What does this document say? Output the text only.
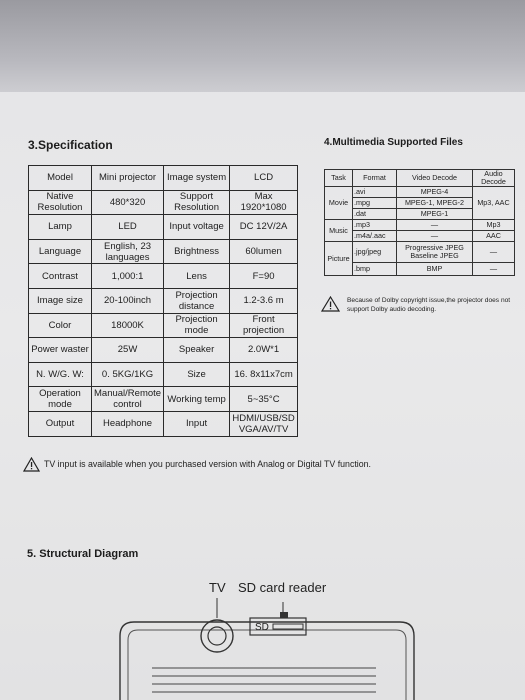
3.Specification
Model	Mini projector	Image system	LCD
Native Resolution	480*320	Support Resolution	Max 1920*1080
Lamp	LED	Input voltage	DC 12V/2A
Language	English, 23 languages	Brightness	60lumen
Contrast	1,000:1	Lens	F=90
Image size	20-100inch	Projection distance	1.2-3.6 m
Color	18000K	Projection mode	Front projection
Power waster	25W	Speaker	2.0W*1
N. W/G. W:	0. 5KG/1KG	Size	16. 8x11x7cm
Operation mode	Manual/Remote control	Working temp	5~35°C
Output	Headphone	Input	HDMI/USB/SD VGA/AV/TV
TV input is available when you purchased version with Analog or Digital TV function.
4.Multimedia Supported Files
Task	Format	Video Decode	Audio Decode
Movie	.avi	MPEG-4	Mp3, AAC
	.mpg	MPEG-1, MPEG-2	
	.dat	MPEG-1	
Music	.mp3	—	Mp3
	.m4a/.aac	—	AAC
Picture	.jpg/jpeg	Progressive JPEG Baseline JPEG	—
	.bmp	BMP	—
Because of Dolby copyright issue,the projector does not support Dolby audio decoding.
5. Structural Diagram
TV SD card reader
SD
